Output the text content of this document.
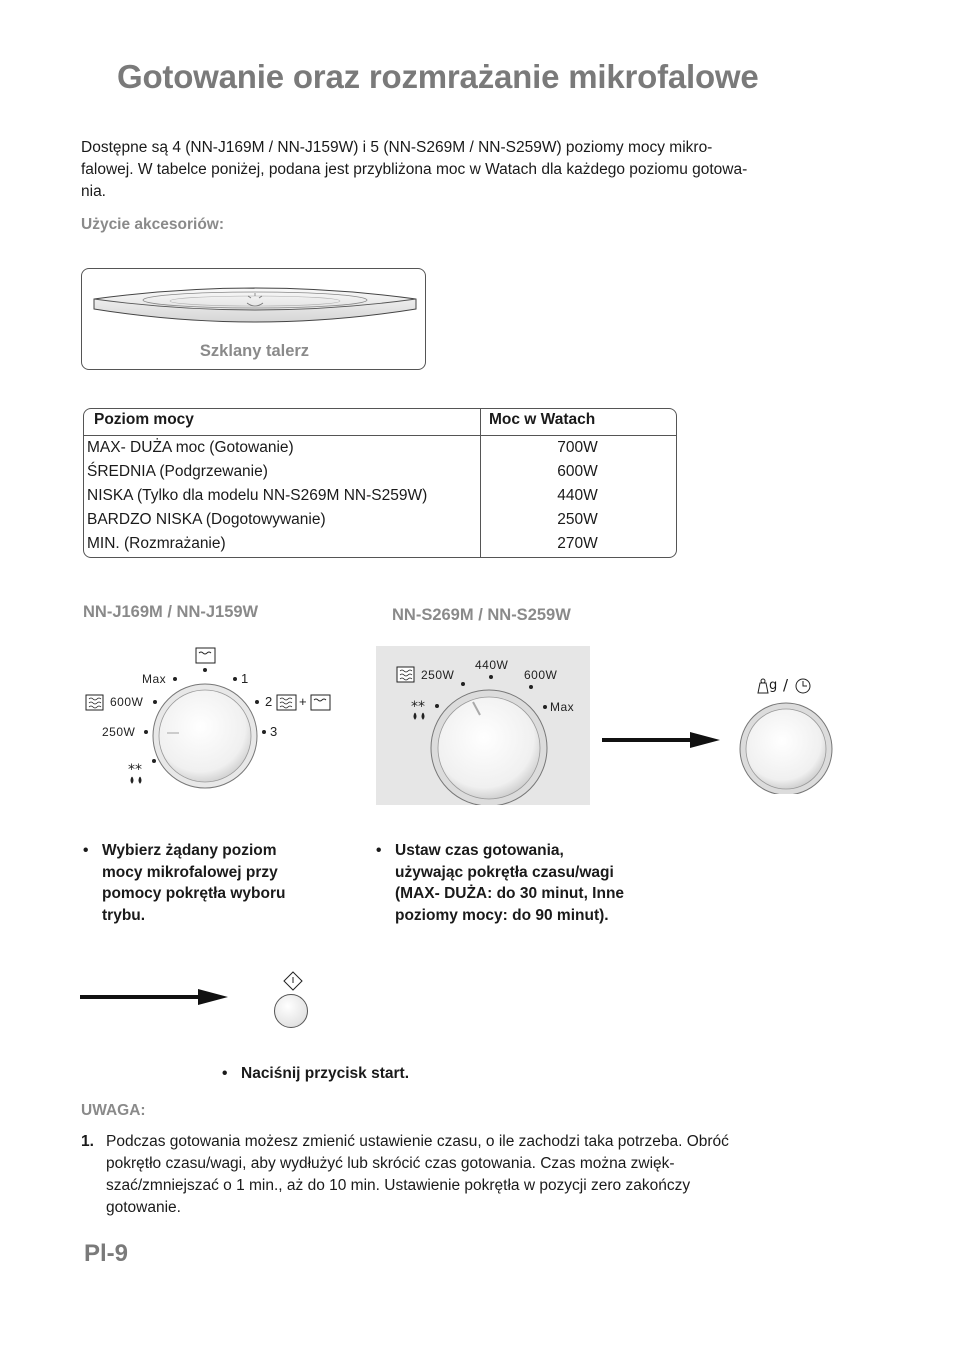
Gotowanie oraz rozmrażanie mikrofalowe
Dostępne są 4 (NN-J169M / NN-J159W) i 5 (NN-S269M / NN-S259W) poziomy mocy mikro-
falowej. W tabelce poniżej, podana jest przybliżona moc w Watach dla każdego poziomu gotowa-
nia.
Użycie akcesoriów:
Szklany talerz
Poziom mocy	Moc w Watach
MAX- DUŻA moc (Gotowanie)	700W
ŚREDNIA (Podgrzewanie)	600W
NISKA (Tylko dla modelu NN-S269M NN-S259W)	440W
BARDZO NISKA (Dogotowywanie)	250W
MIN. (Rozmrażanie)	270W
NN-J169M / NN-J159W	NN-S269M / NN-S259W
**
Max
600W
250W
1
2 +
3
**
250W
440W
600W
Max
g /
• Wybierz żądany poziom
mocy mikrofalowej przy
pomocy pokrętła wyboru
trybu.
• Ustaw czas gotowania,
używając pokrętła czasu/wagi
(MAX- DUŻA: do 30 minut, Inne
poziomy mocy: do 90 minut).
• Naciśnij przycisk start.
UWAGA:
1. Podczas gotowania możesz zmienić ustawienie czasu, o ile zachodzi taka potrzeba. Obróć
pokrętło czasu/wagi, aby wydłużyć lub skrócić czas gotowania. Czas można zwięk-
szać/zmniejszać o 1 min., aż do 10 min. Ustawienie pokrętła w pozycji zero zakończy
gotowanie.
Pl-9
